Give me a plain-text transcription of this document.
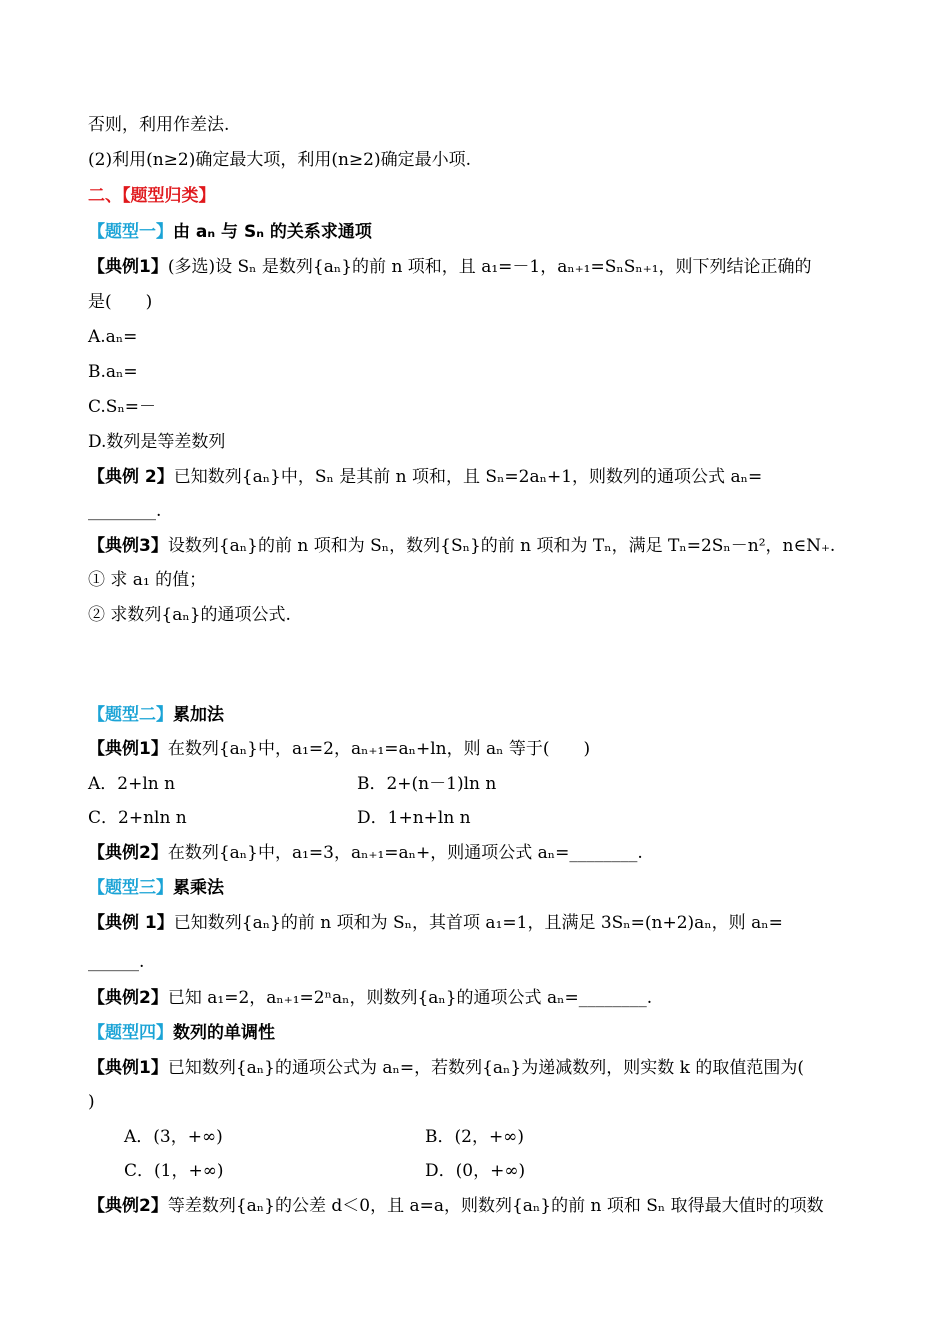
否则，利用作差法.
(2)利用(n≥2)确定最大项，利用(n≥2)确定最小项.
二、【题型归类】
【题型一】由 aₙ 与 Sₙ 的关系求通项
【典例1】(多选)设 Sₙ 是数列{aₙ}的前 n 项和，且 a₁=－1，aₙ₊₁=SₙSₙ₊₁，则下列结论正确的
是(　　)
A.aₙ=
B.aₙ=
C.Sₙ=－
D.数列是等差数列
【典例 2】已知数列{aₙ}中，Sₙ 是其前 n 项和，且 Sₙ=2aₙ+1，则数列的通项公式 aₙ=
________.
【典例3】设数列{aₙ}的前 n 项和为 Sₙ，数列{Sₙ}的前 n 项和为 Tₙ，满足 Tₙ=2Sₙ－n²，n∈N₊.
① 求 a₁ 的值；
② 求数列{aₙ}的通项公式.
【题型二】累加法
【典例1】在数列{aₙ}中，a₁=2，aₙ₊₁=aₙ+ln，则 aₙ 等于(　　)
A．2+ln n	B．2+(n－1)ln n
C．2+nln n	D．1+n+ln n
【典例2】在数列{aₙ}中，a₁=3，aₙ₊₁=aₙ+，则通项公式 aₙ=________.
【题型三】累乘法
【典例 1】已知数列{aₙ}的前 n 项和为 Sₙ，其首项 a₁=1，且满足 3Sₙ=(n+2)aₙ，则 aₙ=
______.
【典例2】已知 a₁=2，aₙ₊₁=2ⁿaₙ，则数列{aₙ}的通项公式 aₙ=________.
【题型四】数列的单调性
【典例1】已知数列{aₙ}的通项公式为 aₙ=，若数列{aₙ}为递减数列，则实数 k 的取值范围为(
)
A．(3，+∞)	B．(2，+∞)
C．(1，+∞)	D．(0，+∞)
【典例2】等差数列{aₙ}的公差 d＜0，且 a=a，则数列{aₙ}的前 n 项和 Sₙ 取得最大值时的项数
